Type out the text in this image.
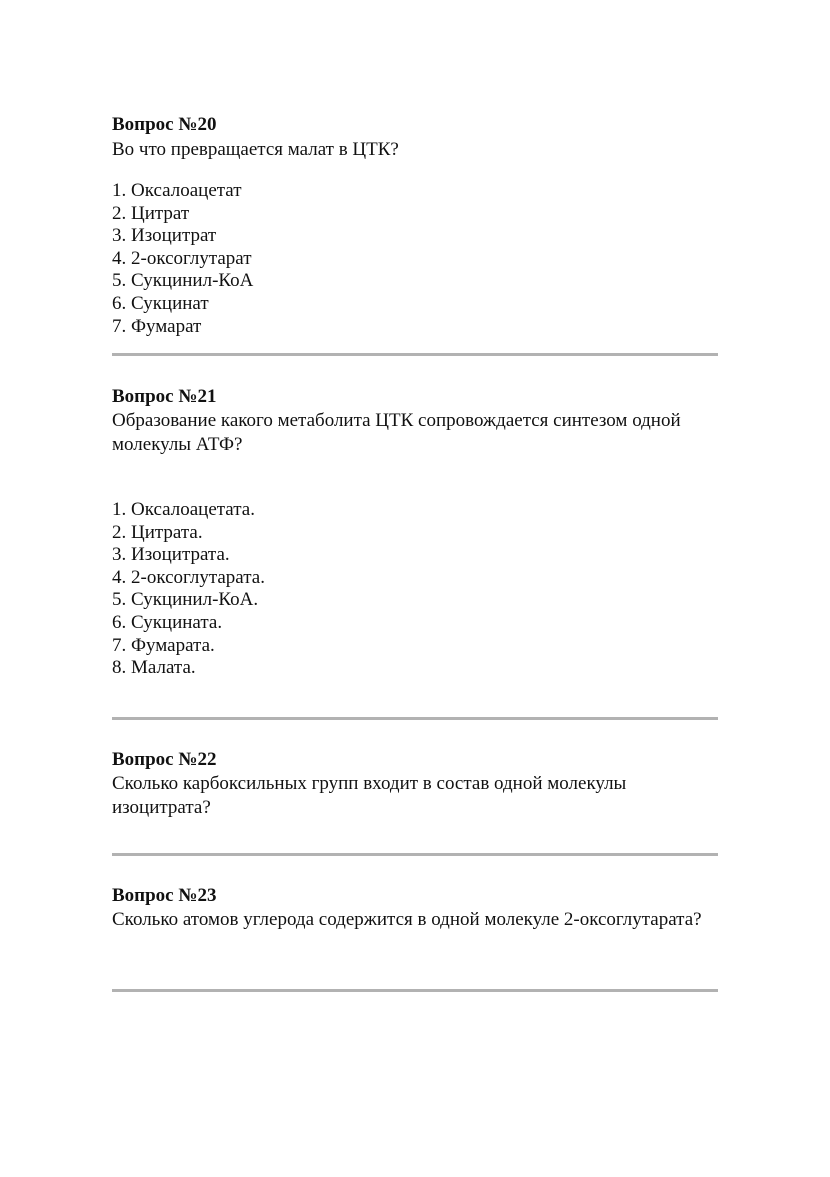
Вопрос №20

Во что превращается малат в ЦТК?

1. Оксалоацетат
2. Цитрат
3. Изоцитрат
4. 2-оксоглутарат
5. Сукцинил-КоА
6. Сукцинат
7. Фумарат

Вопрос №21

Образование какого метаболита ЦТК сопровождается синтезом одной молекулы АТФ?

1. Оксалоацетата.
2. Цитрата.
3. Изоцитрата.
4. 2-оксоглутарата.
5. Сукцинил-КоА.
6. Сукцината.
7. Фумарата.
8. Малата.

Вопрос №22

Сколько карбоксильных групп входит в состав одной молекулы изоцитрата?

Вопрос №23

Сколько атомов углерода содержится в одной молекуле 2-оксоглутарата?
